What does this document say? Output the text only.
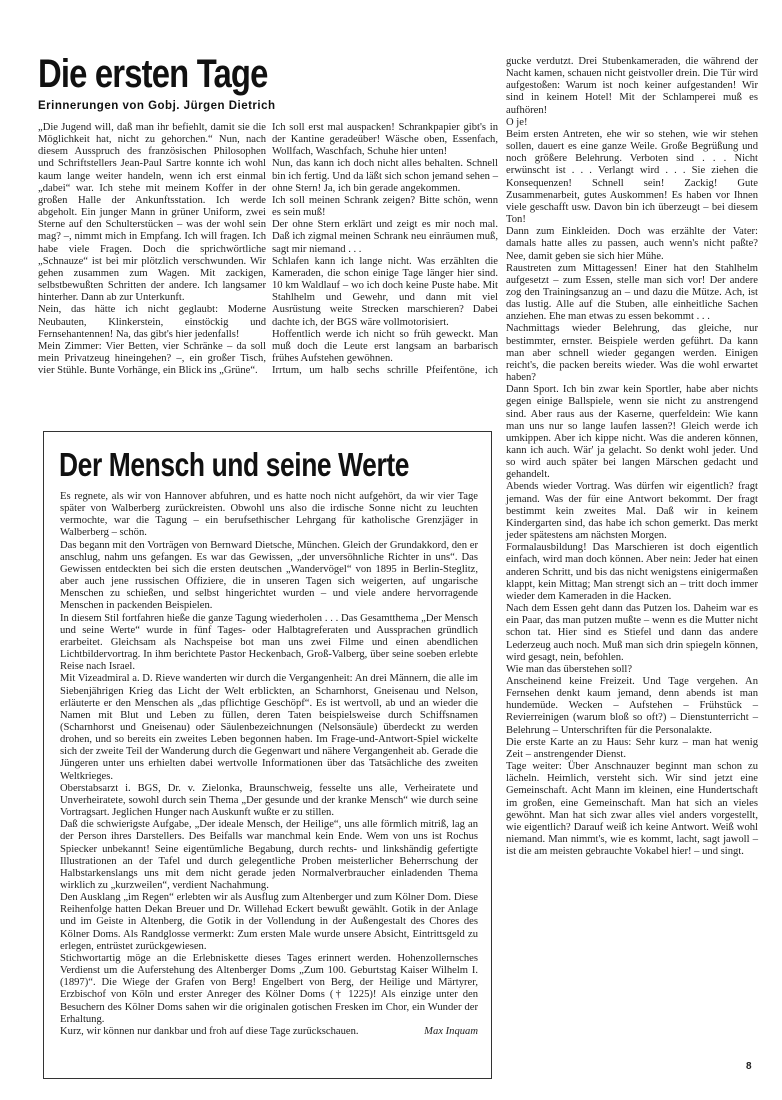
Die ersten Tage
Erinnerungen von Gobj. Jürgen Dietrich

„Die Jugend will, daß man ihr befiehlt, damit sie die Möglichkeit hat, nicht zu gehorchen.“ Nun, nach diesem Ausspruch des französischen Philosophen und Schriftstellers Jean-Paul Sartre konnte ich wohl kaum lange weiter handeln, wenn ich erst einmal „dabei“ war. Ich stehe mit meinem Koffer in der großen Halle der Ankunftsstation. Ich werde abgeholt. Ein junger Mann in grüner Uniform, zwei Sterne auf den Schulterstücken – was der wohl sein mag? –, nimmt mich in Empfang. Ich will fragen. Ich habe viele Fragen. Doch die sprichwörtliche „Schnauze“ ist bei mir plötzlich verschwunden. Wir gehen zusammen zum Wagen. Mit zackigen, selbstbewußten Schritten der andere. Ich langsamer hinterher. Dann ab zur Unterkunft.

Nein, das hätte ich nicht geglaubt: Moderne Neubauten, Klinkerstein, einstöckig und Fernsehantennen! Na, das gibt's hier jedenfalls!

Mein Zimmer: Vier Betten, vier Schränke – da soll mein Privatzeug hineingehen? –, ein großer Tisch, vier Stühle. Bunte Vorhänge, ein Blick ins „Grüne“.

Ich soll erst mal auspacken! Schrankpapier gibt's in der Kantine geradeüber! Wäsche oben, Essenfach, Wollfach, Waschfach, Schuhe hier unten!

Nun, das kann ich doch nicht alles behalten. Schnell bin ich fertig. Und da läßt sich schon jemand sehen – ohne Stern! Ja, ich bin gerade angekommen.

Ich soll meinen Schrank zeigen? Bitte schön, wenn es sein muß!

Der ohne Stern erklärt und zeigt es mir noch mal. Daß ich zigmal meinen Schrank neu einräumen muß, sagt mir niemand . . .

Schlafen kann ich lange nicht. Was erzählten die Kameraden, die schon einige Tage länger hier sind. 10 km Waldlauf – wo ich doch keine Puste habe. Mit Stahlhelm und Gewehr, und dann mit viel Ausrüstung weite Strecken marschieren? Dabei dachte ich, der BGS wäre vollmotorisiert.

Hoffentlich werde ich nicht so früh geweckt. Man muß doch die Leute erst langsam an barbarisch frühes Aufstehen gewöhnen.

Irrtum, um halb sechs schrille Pfeifentöne, ich

gucke verdutzt. Drei Stubenkameraden, die während der Nacht kamen, schauen nicht geistvoller drein. Die Tür wird aufgestoßen: Warum ist noch keiner aufgestanden! Wir sind in keinem Hotel! Mit der Schlamperei muß es aufhören!

O je!

Beim ersten Antreten, ehe wir so stehen, wie wir stehen sollen, dauert es eine ganze Weile. Große Begrüßung und noch größere Belehrung. Verboten sind . . . Nicht erwünscht ist . . . Verlangt wird . . . Sie ziehen die Konsequenzen! Schnell sein! Zackig! Gute Zusammenarbeit, gutes Auskommen! Es haben vor Ihnen viele geschafft usw. Davon bin ich überzeugt – bei diesem Ton!

Dann zum Einkleiden. Doch was erzählte der Vater: damals hatte alles zu passen, auch wenn's nicht paßte? Nee, damit geben sie sich hier Mühe.

Raustreten zum Mittagessen! Einer hat den Stahlhelm aufgesetzt – zum Essen, stelle man sich vor! Der andere zog den Trainingsanzug an – und dazu die Mütze. Ach, ist das lustig. Alle auf die Stuben, alle einheitliche Sachen anziehen. Ehe man etwas zu essen bekommt . . .

Nachmittags wieder Belehrung, das gleiche, nur bestimmter, ernster. Beispiele werden geführt. Da kann man aber schnell wieder gegangen werden. Einigen reicht's, die packen bereits wieder. Was die wohl erwartet haben?

Dann Sport. Ich bin zwar kein Sportler, habe aber nichts gegen einige Ballspiele, wenn sie nicht zu anstrengend sind. Aber raus aus der Kaserne, querfeldein: Wie kann man uns nur so lange laufen lassen?! Gleich werde ich umkippen. Aber ich kippe nicht. Was die anderen können, kann ich auch. Wär' ja gelacht. So denkt wohl jeder. Und so wird auch später bei langen Märschen gedacht und gehandelt.

Abends wieder Vortrag. Was dürfen wir eigentlich? fragt jemand. Was der für eine Antwort bekommt. Der fragt bestimmt kein zweites Mal. Daß wir in keinem Kindergarten sind, das habe ich schon gemerkt. Das merkt jeder spätestens am nächsten Morgen.

Formalausbildung! Das Marschieren ist doch eigentlich einfach, wird man doch können. Aber nein: Jeder hat einen anderen Schritt, und bis das nicht wenigstens einigermaßen klappt, kein Mittag; Man strengt sich an – tritt doch immer wieder dem Kameraden in die Hacken.

Nach dem Essen geht dann das Putzen los. Daheim war es ein Paar, das man putzen mußte – wenn es die Mutter nicht schon tat. Hier sind es Stiefel und dann das andere Lederzeug auch noch. Muß man sich drin spiegeln können, wird gesagt, nein, befohlen.

Wie man das überstehen soll?

Anscheinend keine Freizeit. Und Tage vergehen. An Fernsehen denkt kaum jemand, denn abends ist man hundemüde. Wecken – Aufstehen – Frühstück – Revierreinigen (warum bloß so oft?) – Dienstunterricht – Belehrung – Unterschriften für die Personalakte.

Die erste Karte an zu Haus: Sehr kurz – man hat wenig Zeit – anstrengender Dienst.

Tage weiter: Über Anschnauzer beginnt man schon zu lächeln. Heimlich, versteht sich. Wir sind jetzt eine Gemeinschaft. Acht Mann im kleinen, eine Hundertschaft im großen, eine Gemeinschaft. Man hat sich an vieles gewöhnt. Man hat sich zwar alles viel anders vorgestellt, wie eigentlich? Darauf weiß ich keine Antwort. Weiß wohl niemand. Man nimmt's, wie es kommt, lacht, sagt jawoll – ist die am meisten gebrauchte Vokabel hier! – und singt.

Der Mensch und seine Werte

Es regnete, als wir von Hannover abfuhren, und es hatte noch nicht aufgehört, da wir vier Tage später von Walberberg zurückreisten. Obwohl uns also die irdische Sonne nicht zu leuchten vermochte, war die Tagung – ein berufsethischer Lehrgang für katholische Grenzjäger in Walberberg – schön.

Das begann mit den Vorträgen von Bernward Dietsche, München. Gleich der Grundakkord, den er anschlug, nahm uns gefangen. Es war das Gewissen, „der unversöhnliche Richter in uns“. Das Gewissen entdeckten bei sich die ersten deutschen „Wandervögel“ von 1895 in Berlin-Steglitz, aber auch jene russischen Offiziere, die in unseren Tagen sich weigerten, auf ungarische Menschen zu schießen, und selbst hingerichtet wurden – und viele andere hervorragende Menschen in packenden Beispielen.

In diesem Stil fortfahren hieße die ganze Tagung wiederholen . . . Das Gesamtthema „Der Mensch und seine Werte“ wurde in fünf Tages- oder Halbtagreferaten und Aussprachen gründlich erarbeitet. Gleichsam als Nachspeise bot man uns zwei Filme und einen abendlichen Lichtbildervortrag. In ihm berichtete Pastor Heckenbach, Groß-Valberg, über seine soeben erlebte Reise nach Israel.

Mit Vizeadmiral a. D. Rieve wanderten wir durch die Vergangenheit: An drei Männern, die alle im Siebenjährigen Krieg das Licht der Welt erblickten, an Scharnhorst, Gneisenau und Nelson, erläuterte er den Menschen als „das pflichtige Geschöpf“. Es ist wertvoll, ab und an wieder die Namen mit Blut und Leben zu füllen, deren Taten beispielsweise durch Schiffsnamen (Scharnhorst und Gneisenau) oder Säulenbezeichnungen (Nelsonsäule) überdeckt zu werden drohen, und so bereits ein zweites Leben begonnen haben. Im Frage-und-Antwort-Spiel wickelte sich der zweite Teil der Wanderung durch die Gegenwart und nähere Vergangenheit ab. Gerade die Jüngeren unter uns erhielten dabei wertvolle Informationen über das Tatsächliche des zweiten Weltkrieges.

Oberstabsarzt i. BGS, Dr. v. Zielonka, Braunschweig, fesselte uns alle, Verheiratete und Unverheiratete, sowohl durch sein Thema „Der gesunde und der kranke Mensch“ wie durch seine Vortragsart. Jeglichen Hunger nach Auskunft wußte er zu stillen.

Daß die schwierigste Aufgabe, „Der ideale Mensch, der Heilige“, uns alle förmlich mitriß, lag an der Person ihres Darstellers. Des Beifalls war manchmal kein Ende. Wem von uns ist Rochus Spiecker unbekannt! Seine eigentümliche Begabung, durch rechts- und linkshändig gefertigte Illustrationen an der Tafel und durch gelegentliche Proben meisterlicher Beherrschung der Halbstarkenslangs uns mit dem nicht gerade jeden Normalverbraucher einladenden Thema wirklich zu „kurzweilen“, verdient Nachahmung.

Den Ausklang „im Regen“ erlebten wir als Ausflug zum Altenberger und zum Kölner Dom. Diese Reihenfolge hatten Dekan Breuer und Dr. Willehad Eckert bewußt gewählt. Gotik in der Anlage und im Geiste in Altenberg, die Gotik in der Vollendung in der Außengestalt des Chores des Kölner Doms. Als Randglosse vermerkt: Zum ersten Male wurde unsere Absicht, Eintrittsgeld zu erlegen, entrüstet zurückgewiesen.

Stichwortartig möge an die Erlebniskette dieses Tages erinnert werden. Hohenzollernsches Verdienst um die Auferstehung des Altenberger Doms „Zum 100. Geburtstag Kaiser Wilhelm I. (1897)“. Die Wiege der Grafen von Berg! Engelbert von Berg, der Heilige und Märtyrer, Erzbischof von Köln und erster Anreger des Kölner Doms († 1225)! Als einzige unter den Besuchern des Kölner Doms sahen wir die originalen gotischen Fresken im Chor, ein Wunder der Erhaltung.

Kurz, wir können nur dankbar und froh auf diese Tage zurückschauen.	Max Inquam

8
